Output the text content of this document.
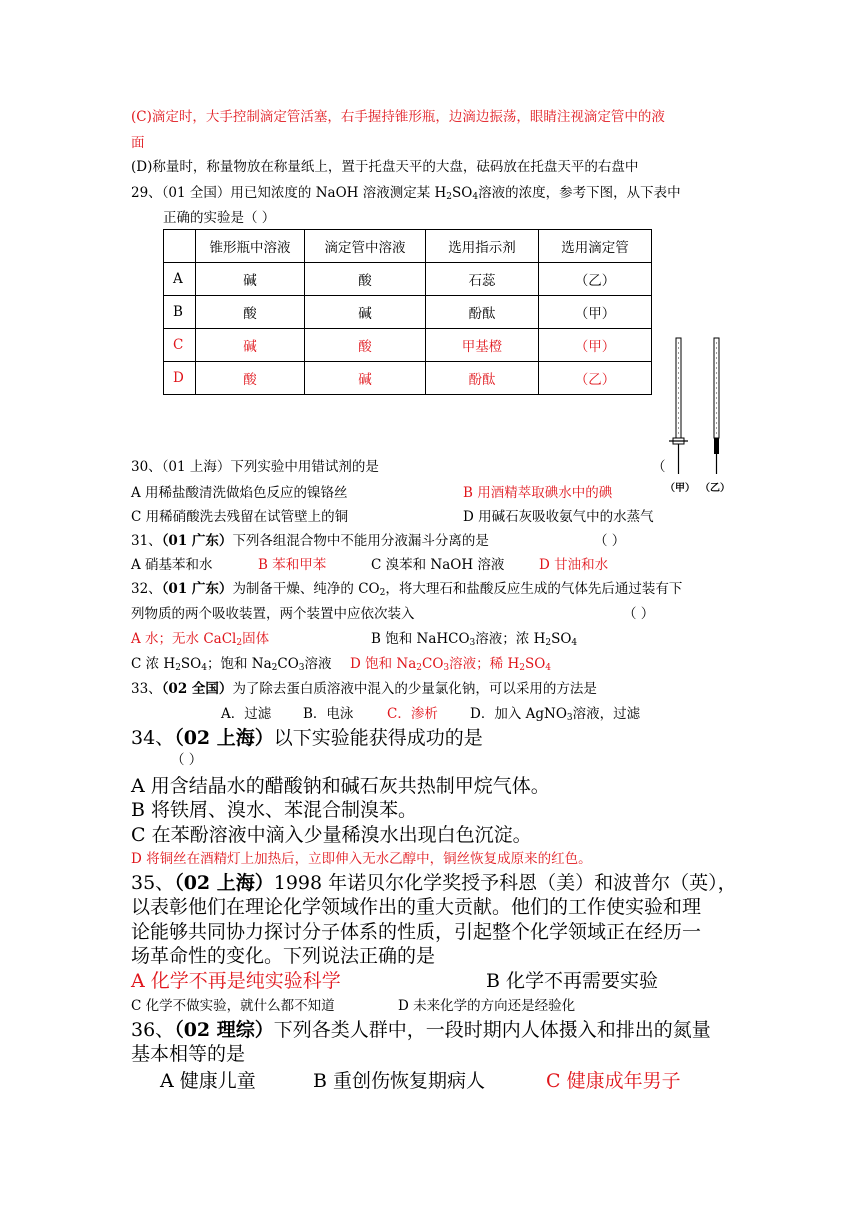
(C)滴定时，大手控制滴定管活塞，右手握持锥形瓶，边滴边振荡，眼睛注视滴定管中的液
面
(D)称量时，称量物放在称量纸上，置于托盘天平的大盘，砝码放在托盘天平的右盘中
29、（01 全国）用已知浓度的 NaOH 溶液测定某 $H_2SO_4$溶液的浓度，参考下图，从下表中
正确的实验是（ ）
	锥形瓶中溶液	滴定管中溶液	选用指示剂	选用滴定管
A	碱	酸	石蕊	（乙）
B	酸	碱	酚酞	（甲）
C	碱	酸	甲基橙	（甲）
D	酸	碱	酚酞	（乙）
（甲） （乙）
30、（01 上海）下列实验中用错试剂的是	（
A 用稀盐酸清洗做焰色反应的镍铬丝	B 用酒精萃取碘水中的碘
C 用稀硝酸洗去残留在试管壁上的铜	D 用碱石灰吸收氨气中的水蒸气
31、（01 广东）下列各组混合物中不能用分液漏斗分离的是	（ ）
A 硝基苯和水	B 苯和甲苯	C 溴苯和 NaOH 溶液	D 甘油和水
32、（01 广东）为制备干燥、纯净的 $CO_2$，将大理石和盐酸反应生成的气体先后通过装有下
列物质的两个吸收装置，两个装置中应依次装入	（ ）
A 水；无水 CaCl$_2$固体	B 饱和 NaHCO$_3$溶液；浓 $H_2SO_4$
C 浓 $H_2SO_4$；饱和 $Na_2CO_3$溶液 D 饱和 $Na_2CO_3$溶液；稀 $H_2SO_4$
33、（02 全国）为了除去蛋白质溶液中混入的少量氯化钠，可以采用的方法是
A．过滤 B．电泳 C．渗析 D．加入 AgNO$_3$溶液，过滤
34、（02 上海）以下实验能获得成功的是
（ ）
A 用含结晶水的醋酸钠和碱石灰共热制甲烷气体。
B 将铁屑、溴水、苯混合制溴苯。
C 在苯酚溶液中滴入少量稀溴水出现白色沉淀。
D 将铜丝在酒精灯上加热后，立即伸入无水乙醇中，铜丝恢复成原来的红色。
35、（02 上海）1998 年诺贝尔化学奖授予科恩（美）和波普尔（英），
以表彰他们在理论化学领域作出的重大贡献。他们的工作使实验和理
论能够共同协力探讨分子体系的性质，引起整个化学领域正在经历一
场革命性的变化。下列说法正确的是
A 化学不再是纯实验科学	B 化学不再需要实验
C 化学不做实验，就什么都不知道	D 未来化学的方向还是经验化
36、（02 理综）下列各类人群中，一段时期内人体摄入和排出的氮量
基本相等的是
A 健康儿童	B 重创伤恢复期病人	C 健康成年男子
